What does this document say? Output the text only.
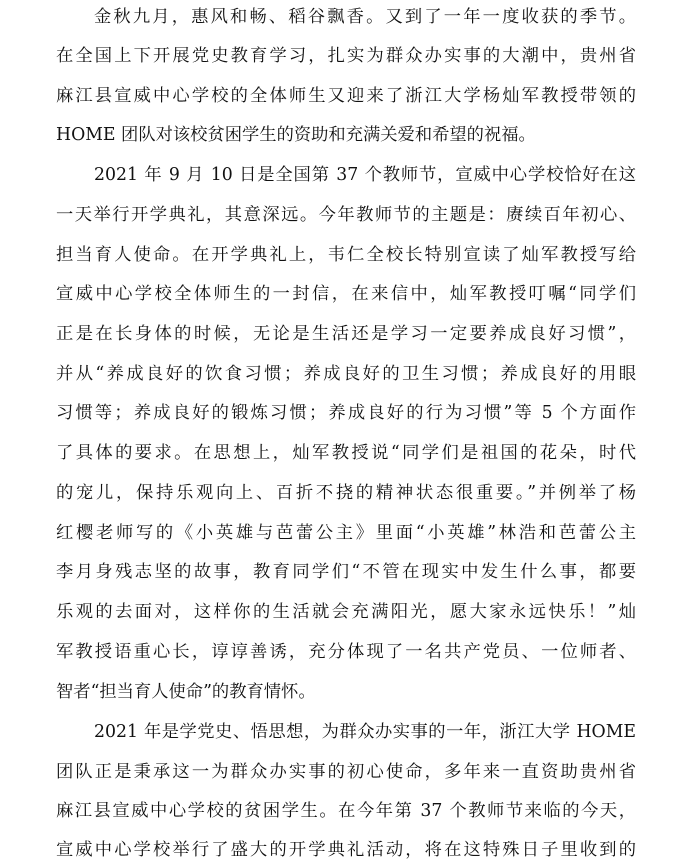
金秋九月，惠风和畅、稻谷飘香。又到了一年一度收获的季节。
在全国上下开展党史教育学习，扎实为群众办实事的大潮中，贵州省
麻江县宣威中心学校的全体师生又迎来了浙江大学杨灿军教授带领的
HOME 团队对该校贫困学生的资助和充满关爱和希望的祝福。
2021 年 9 月 10 日是全国第 37 个教师节，宣威中心学校恰好在这
一天举行开学典礼，其意深远。今年教师节的主题是：赓续百年初心、
担当育人使命。在开学典礼上，韦仁全校长特别宣读了灿军教授写给
宣威中心学校全体师生的一封信，在来信中，灿军教授叮嘱“同学们
正是在长身体的时候，无论是生活还是学习一定要养成良好习惯”，
并从“养成良好的饮食习惯；养成良好的卫生习惯；养成良好的用眼
习惯等；养成良好的锻炼习惯；养成良好的行为习惯”等 5 个方面作
了具体的要求。在思想上，灿军教授说“同学们是祖国的花朵，时代
的宠儿，保持乐观向上、百折不挠的精神状态很重要。”并例举了杨
红樱老师写的《小英雄与芭蕾公主》里面“小英雄”林浩和芭蕾公主
李月身残志坚的故事，教育同学们“不管在现实中发生什么事，都要
乐观的去面对，这样你的生活就会充满阳光，愿大家永远快乐！”灿
军教授语重心长，谆谆善诱，充分体现了一名共产党员、一位师者、
智者“担当育人使命”的教育情怀。
2021 年是学党史、悟思想，为群众办实事的一年，浙江大学 HOME
团队正是秉承这一为群众办实事的初心使命，多年来一直资助贵州省
麻江县宣威中心学校的贫困学生。在今年第 37 个教师节来临的今天，
宣威中心学校举行了盛大的开学典礼活动，将在这特殊日子里收到的
